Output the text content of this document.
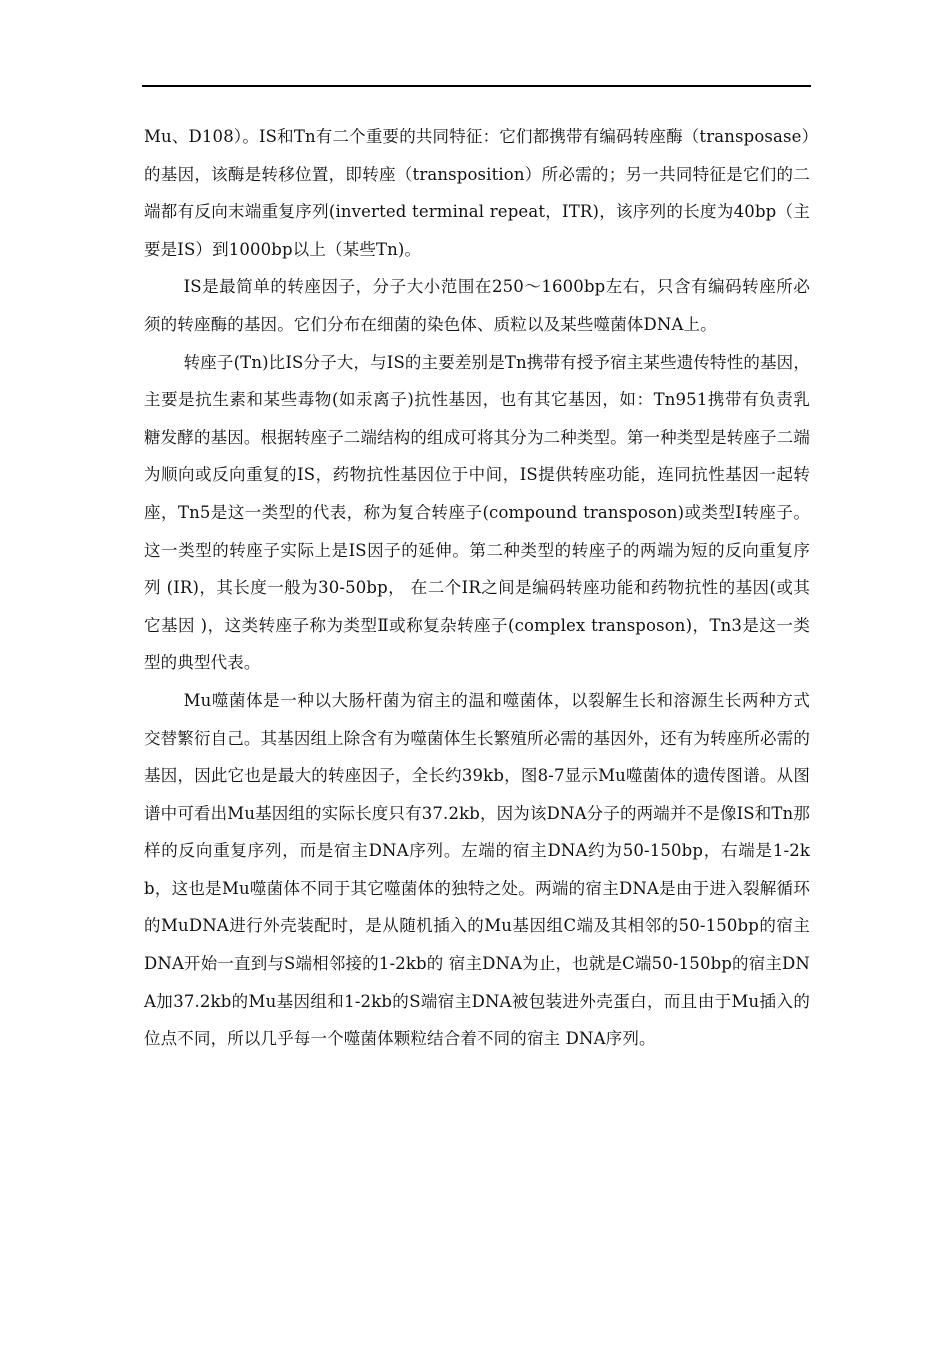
Mu、D108）。IS和Tn有二个重要的共同特征：它们都携带有编码转座酶（transposase）的基因，该酶是转移位置，即转座（transposition）所必需的；另一共同特征是它们的二端都有反向末端重复序列(inverted terminal repeat，ITR)，该序列的长度为40bp（主要是IS）到1000bp以上（某些Tn)。

IS是最简单的转座因子，分子大小范围在250～1600bp左右，只含有编码转座所必须的转座酶的基因。它们分布在细菌的染色体、质粒以及某些噬菌体DNA上。

转座子(Tn)比IS分子大，与IS的主要差别是Tn携带有授予宿主某些遗传特性的基因，主要是抗生素和某些毒物(如汞离子)抗性基因，也有其它基因，如：Tn951携带有负责乳糖发酵的基因。根据转座子二端结构的组成可将其分为二种类型。第一种类型是转座子二端为顺向或反向重复的IS，药物抗性基因位于中间，IS提供转座功能，连同抗性基因一起转座，Tn5是这一类型的代表，称为复合转座子(compound transposon)或类型Ⅰ转座子。这一类型的转座子实际上是IS因子的延伸。第二种类型的转座子的两端为短的反向重复序列 (IR)，其长度一般为30-50bp， 在二个IR之间是编码转座功能和药物抗性的基因(或其它基因 )，这类转座子称为类型Ⅱ或称复杂转座子(complex transposon)，Tn3是这一类型的典型代表。

Mu噬菌体是一种以大肠杆菌为宿主的温和噬菌体，以裂解生长和溶源生长两种方式交替繁衍自己。其基因组上除含有为噬菌体生长繁殖所必需的基因外，还有为转座所必需的基因，因此它也是最大的转座因子，全长约39kb，图8-7显示Mu噬菌体的遗传图谱。从图谱中可看出Mu基因组的实际长度只有37.2kb，因为该DNA分子的两端并不是像IS和Tn那样的反向重复序列，而是宿主DNA序列。左端的宿主DNA约为50-150bp，右端是1-2kb，这也是Mu噬菌体不同于其它噬菌体的独特之处。两端的宿主DNA是由于进入裂解循环的MuDNA进行外壳装配时，是从随机插入的Mu基因组C端及其相邻的50-150bp的宿主DNA开始一直到与S端相邻接的1-2kb的 宿主DNA为止，也就是C端50-150bp的宿主DNA加37.2kb的Mu基因组和1-2kb的S端宿主DNA被包装进外壳蛋白，而且由于Mu插入的位点不同，所以几乎每一个噬菌体颗粒结合着不同的宿主 DNA序列。
